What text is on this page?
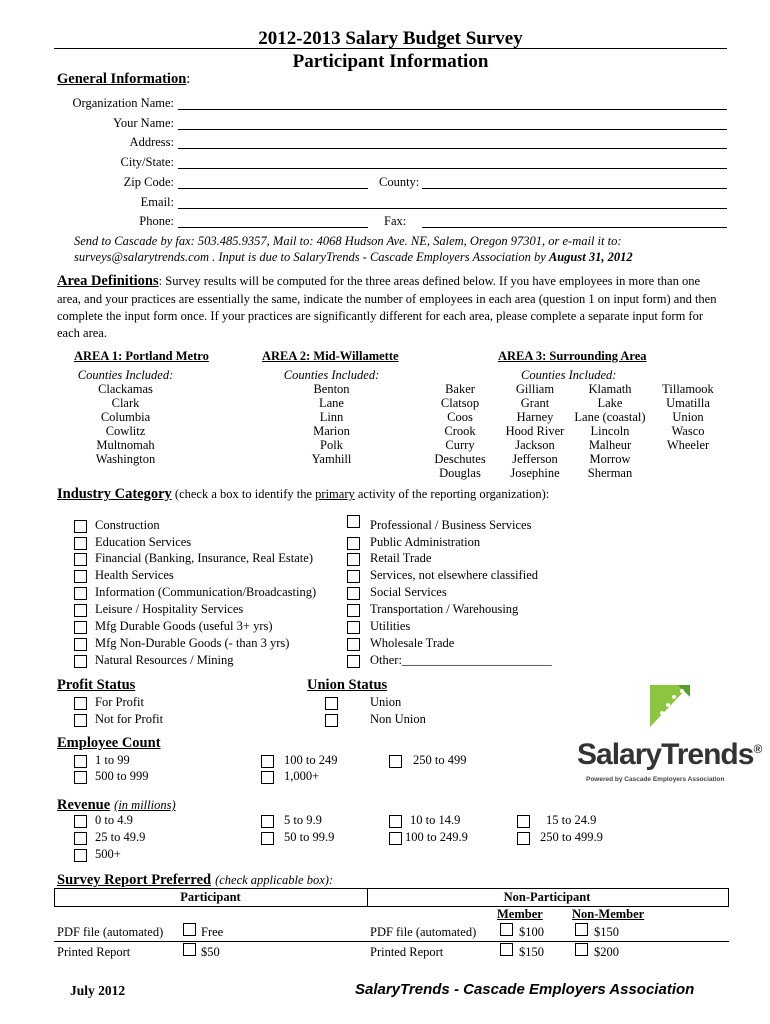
2012-2013 Salary Budget Survey
Participant Information
General Information:
Organization Name:
Your Name:
Address:
City/State:
Zip Code:	County:
Email:
Phone:	Fax:
Send to Cascade by fax: 503.485.9357, Mail to: 4068 Hudson Ave. NE, Salem, Oregon 97301, or e-mail it to:
surveys@salarytrends.com . Input is due to SalaryTrends - Cascade Employers Association by August 31, 2012
Area Definitions: Survey results will be computed for the three areas defined below. If you have employees in more than one
area, and your practices are essentially the same, indicate the number of employees in each area (question 1 on input form) and then
complete the input form once. If your practices are significantly different for each area, please complete a separate input form for
each area.
AREA 1: Portland Metro
Counties Included:
Clackamas
Clark
Columbia
Cowlitz
Multnomah
Washington
AREA 2: Mid-Willamette
Counties Included:
Benton
Lane
Linn
Marion
Polk
Yamhill
AREA 3: Surrounding Area
Counties Included:
Baker
Clatsop
Coos
Crook
Curry
Deschutes
Douglas
Gilliam
Grant
Harney
Hood River
Jackson
Jefferson
Josephine
Klamath
Lake
Lane (coastal)
Lincoln
Malheur
Morrow
Sherman
Tillamook
Umatilla
Union
Wasco
Wheeler
Industry Category (check a box to identify the primary activity of the reporting organization):
Construction
Education Services
Financial (Banking, Insurance, Real Estate)
Health Services
Information (Communication/Broadcasting)
Leisure / Hospitality Services
Mfg Durable Goods (useful 3+ yrs)
Mfg Non-Durable Goods (- than 3 yrs)
Natural Resources / Mining
Professional / Business Services
Public Administration
Retail Trade
Services, not elsewhere classified
Social Services
Transportation / Warehousing
Utilities
Wholesale Trade
Other:________________________
Profit Status
For Profit
Not for Profit
Union Status
Union
Non Union
SalaryTrends®
Powered by Cascade Employers Association
Employee Count
1 to 99
500 to 999
100 to 249
1,000+
250 to 499
Revenue (in millions)
0 to 4.9
25 to 49.9
500+
5 to 9.9
50 to 99.9
10 to 14.9
100 to 249.9
15 to 24.9
250 to 499.9
Survey Report Preferred (check applicable box):
Participant	Non-Participant
Member Non-Member
PDF file (automated)	Free	PDF file (automated)	$100	$150
Printed Report	$50	Printed Report	$150	$200
July 2012	SalaryTrends - Cascade Employers Association
